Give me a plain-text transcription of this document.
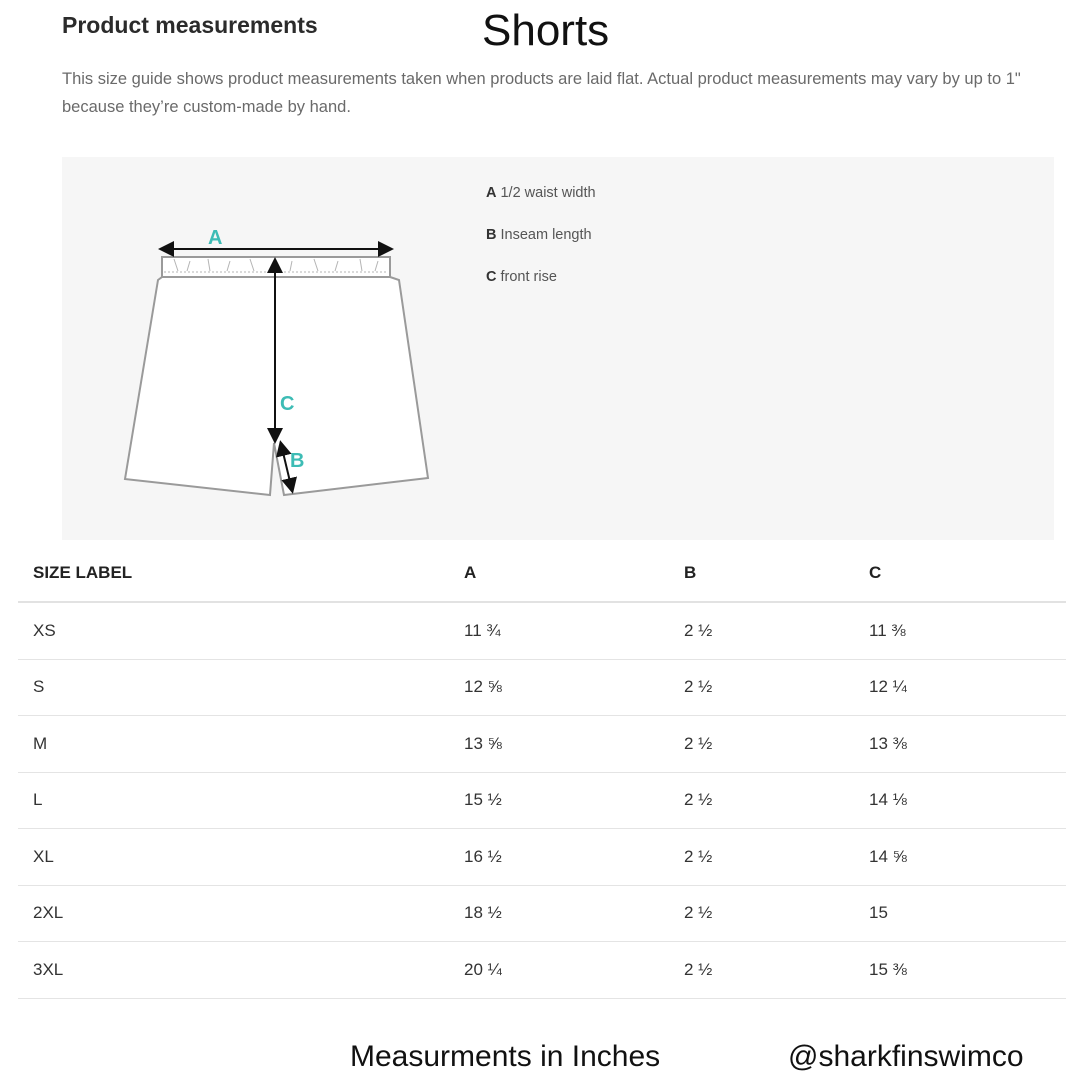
Product measurements	Shorts
This size guide shows product measurements taken when products are laid flat. Actual product measurements may vary by up to 1" because they’re custom-made by hand.
A
C
B
A 1/2 waist width
B Inseam length
C front rise
SIZE LABEL	A	B	C
XS	11 ¾	2 ½	11 ⅜
S	12 ⅝	2 ½	12 ¼
M	13 ⅝	2 ½	13 ⅜
L	15 ½	2 ½	14 ⅛
XL	16 ½	2 ½	14 ⅝
2XL	18 ½	2 ½	15
3XL	20 ¼	2 ½	15 ⅜
Measurments in Inches	@sharkfinswimco
